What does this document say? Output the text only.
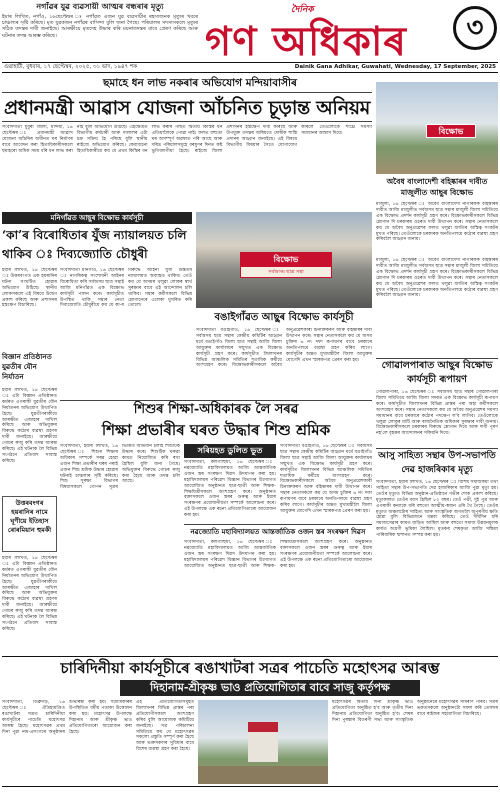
নগাঁৱৰ যুৱ ব্যৱসায়ী আত্মৰ বন্ধৰাৰ মৃত্যু

ইয়াৰ লিখিত, নগাঁও, ১৬ছেপ্টেম্বৰ ঃ নগাঁৱত এজন যুৱ ব্যৱসায়ীৰ ৰহস্যজনক মৃত্যুৰ খবৰে চাঞ্চল্যৰ সৃষ্টি কৰিছে। মৃত যুৱকজন নগাঁৱৰ বাসিন্দা বুলি জনা গৈছে। পৰিয়ালৰ সদস্যসকলে মৃত্যুৰ সঠিক তদন্তৰ দাবী জনাইছে। আৰক্ষীয়ে মৃতদেহ উদ্ধাৰ কৰি ময়নাতদন্তৰ বাবে প্ৰেৰণ কৰিছে আৰু ঘটনাৰ তদন্ত আৰম্ভ কৰিছে।

দৈনিক
গণ অধিকাৰ	৩
গুৱাহাটী, বুধবাৰ, ১৭ ছেপ্টেম্বৰ, ২০২৫, ৩১ ভাদ, ১৯৪৭ শক	Dainik Gana Adhikar, Guwahati, Wednesday, 17 September, 2025
ছমাহে ধন লাভ নকৰাৰ অভিযোগ মন্দিয়াবাসীৰ
প্ৰধানমন্ত্ৰী আৱাস যোজনা আঁচনিত চূড়ান্ত অনিয়ম
সংবাদদাতা ধুবুৰী জিলা, মন্দিয়া, ১৬ ছেপ্টেম্বৰ ঃ প্ৰধানমন্ত্ৰী আৱাস যোজনা আঁচনিৰ অধীনত ঘৰ নিৰ্মাণৰ বাবে আবেদন কৰা হিতাধিকাৰীসকলে ছমাহৰো অধিক সময় ধৰি ধন লাভ কৰা নাই বুলি অভিযোগ উঠিছে। এইক্ষেত্ৰত বিভাগীয় কৰ্মচাৰী আৰু দালালৰ এটা চক্ৰ সক্ৰিয় হৈ পৰিছে বুলি স্থানীয় ৰাইজে অভিযোগ কৰিছে। কেবাজনো হিতাধিকাৰীয়ে কয় যে প্ৰথম কিস্তিৰ ধন লাভ কৰাৰ পাছত দ্বিতীয় কিস্তিৰ ধন এতিয়ালৈকে পোৱা নাই। ফলত বহুতো ঘৰ অসম্পূৰ্ণ অৱস্থাত পৰি আছে আৰু দৰিদ্ৰ পৰিয়ালসমূহে বৰষুণৰ দিনত কষ্ট ভুগিবলগীয়া হৈছে। ৰাইজে জিলা প্ৰশাসনৰ হস্তক্ষেপ দাবী কৰিছে আৰু উপযুক্ত তদন্তৰ জৰিয়তে দোষীক শাস্তি প্ৰদানৰ আহ্বান জনাইছে। এই বিষয়ে বিভাগীয় বিষয়াৰ সৈতে যোগাযোগ কৰিলে তেওঁলোকে শীঘ্ৰে সমস্যা সমাধানৰ আশ্বাস দিয়ে।	বিক্ষোভ
অবৈধ বাংলাদেশী বহিষ্কাৰৰ দাবীত মাজুলীত আছুৰ বিক্ষোভ
মাজুলী, ১৬ ছেপ্টেম্বৰ ঃ অবৈধ বাংলাদেশী নাগৰিকক বহিষ্কাৰৰ দাবীত আজি মাজুলীত সৰ্বঅসম ছাত্ৰ সন্থাৰ মাজুলী জিলা সমিতিয়ে এক বিক্ষোভ প্ৰদৰ্শন কাৰ্যসূচী গ্ৰহণ কৰে। বিক্ষোভকাৰীসকলে বিভিন্ন শ্লোগান দি চৰকাৰৰ ওচৰত দাবী উত্থাপন কৰে। সন্থাৰ নেতাসকলে কয় যে অবৈধ অনুপ্ৰৱেশৰ ফলত থলুৱা জাতিৰ অস্তিত্ব সংকটৰ মুখত পৰিছে। তেওঁলোকে চৰকাৰক অনতিপলমে কঠোৰ ব্যৱস্থা গ্ৰহণ কৰিবলৈ আহ্বান জনায়।
মনিগাঁৱত আছুৰ বিক্ষোভ কাৰ্যসূচী
‘কা’ৰ বিৰোধিতাৰ যুঁজ ন্যায়ালয়ত চলি থাকিব ঃ দিব্যজ্যোতি চৌধুৰী
সংবাদদাতা মনিগাঁও, ১৬ ছেপ্টেম্বৰ ঃ নাগৰিকত্ব সংশোধনী আইনৰ বিৰোধিতা কৰি সৰ্বঅসম ছাত্ৰ সন্থাই আজি মনিগাঁৱত এক বিক্ষোভ কাৰ্যসূচী পালন কৰে। কাৰ্যসূচীত উপস্থিত থাকি সন্থাৰ নেতা দিব্যজ্যোতি চৌধুৰীয়ে কয় যে কা-ৰ বিৰুদ্ধে আইনী যুঁজ উচ্চতম ন্যায়ালয়ত অব্যাহত থাকিব। তেওঁ কয় যে অসমৰ থলুৱা লোকৰ স্বাৰ্থ সুৰক্ষাৰ বাবে এই আন্দোলন চলি থাকিব। সন্থাৰ কৰ্মীসকলে বিভিন্ন শ্লোগানেৰে এলেকা মুখৰিত কৰি তোলে।
ইয়াৰ লিখিত, ১৬ ছেপ্টেম্বৰ ঃ উত্তৰবংগত এক হয়ৰানিৰ ঘটনা সংঘটিত হোৱাৰ অভিযোগ উঠিছে। স্থানীয় লোকসকলে এই বিষয়ে উদ্বেগ প্ৰকাশ কৰিছে আৰু প্ৰশাসনৰ হস্তক্ষেপ বিচাৰিছে।
বিজ্ঞান প্ৰতিষ্ঠানত যুৱতীৰ যৌন নিৰ্যাতন
ইয়াৰ লিখিত, ১৬ ছেপ্টেম্বৰ ঃ এটা বিজ্ঞান প্ৰতিষ্ঠানত কৰ্মৰত এগৰাকী যুৱতীৰ যৌন নিৰ্যাতনৰ অভিযোগ উত্থাপিত হৈছে। যুৱতীগৰাকীয়ে আৰক্ষীত এজাহাৰ দাখিল কৰিছে আৰু অভিযুক্তৰ বিৰুদ্ধে কঠোৰ ব্যৱস্থা গ্ৰহণৰ দাবী জনাইছে। আৰক্ষীয়ে গোচৰ ৰুজু কৰি তদন্ত আৰম্ভ কৰিছে। এই ঘটনাক লৈ বিভিন্ন সংগঠনে প্ৰতিবাদ সাব্যস্ত কৰিছে।
উত্তৰবংগৰ হয়ৰানিৰ নামে ঘূণীয়ে ইতিহাস ৰোৰমিয়ান হুমকী
ইয়াৰ লিখিত, ১৬ ছেপ্টেম্বৰ ঃ এটা বিজ্ঞান প্ৰতিষ্ঠানত কৰ্মৰত এগৰাকী যুৱতীৰ যৌন নিৰ্যাতনৰ অভিযোগ উত্থাপিত হৈছে। যুৱতীগৰাকীয়ে আৰক্ষীত এজাহাৰ দাখিল কৰিছে আৰু অভিযুক্তৰ বিৰুদ্ধে কঠোৰ ব্যৱস্থা গ্ৰহণৰ দাবী জনাইছে। আৰক্ষীয়ে গোচৰ ৰুজু কৰি তদন্ত আৰম্ভ কৰিছে। এই ঘটনাক লৈ বিভিন্ন সংগঠনে প্ৰতিবাদ সাব্যস্ত কৰিছে।
বিক্ষোভ
সৰ্বঅসম ছাত্ৰ সন্থা
বঙাইগাঁৱত আছুৰ বিক্ষোভ কাৰ্যসূচী
সংবাদদাতা বঙাইগাঁও, ১৬ ছেপ্টেম্বৰ ঃ সৰ্বঅসম ছাত্ৰ সন্থাৰ কেন্দ্ৰীয় কমিটিৰ আহ্বান মৰ্মে বঙাইগাঁও জিলা ছাত্ৰ সন্থাই আজি জিলা আয়ুক্তৰ কাৰ্যালয়ৰ সন্মুখত এক বিক্ষোভ কাৰ্যসূচী গ্ৰহণ কৰে। কাৰ্যসূচীত জিলাখনৰ বিভিন্ন আঞ্চলিক সমিতিৰ শতাধিক কৰ্মীয়ে অংশগ্ৰহণ কৰে। বিক্ষোভকাৰীসকলে অবৈধ অনুপ্ৰৱেশকাৰী চিনাক্তকৰণ আৰু বহিষ্কাৰৰ দাবী উত্থাপন কৰে। সন্থাৰ নেতাসকলে কয় যে অসম চুক্তিৰ ৬ নং দফা ৰূপায়ণৰ বাবে চৰকাৰে অনতিপলমে ব্যৱস্থা গ্ৰহণ কৰিব লাগে। কাৰ্যসূচীৰ অন্তত মুখ্যমন্ত্ৰীলৈ জিলা আয়ুক্তৰ যোগেদি এখন স্মাৰকপত্ৰ প্ৰেৰণ কৰা হয়।
মাজুলী, ১৬ ছেপ্টেম্বৰ ঃ অবৈধ বাংলাদেশী নাগৰিকক বহিষ্কাৰৰ দাবীত আজি মাজুলীত সৰ্বঅসম ছাত্ৰ সন্থাৰ মাজুলী জিলা সমিতিয়ে এক বিক্ষোভ প্ৰদৰ্শন কাৰ্যসূচী গ্ৰহণ কৰে। বিক্ষোভকাৰীসকলে বিভিন্ন শ্লোগান দি চৰকাৰৰ ওচৰত দাবী উত্থাপন কৰে। সন্থাৰ নেতাসকলে কয় যে অবৈধ অনুপ্ৰৱেশৰ ফলত থলুৱা জাতিৰ অস্তিত্ব সংকটৰ মুখত পৰিছে। তেওঁলোকে চৰকাৰক অনতিপলমে কঠোৰ ব্যৱস্থা গ্ৰহণ কৰিবলৈ আহ্বান জনায়।
গোৱালপাৰাত আছুৰ বিক্ষোভ কাৰ্যসূচী ৰূপায়ণ
গোৱালপাৰা, ১৬ ছেপ্টেম্বৰ ঃ সৰ্বঅসম ছাত্ৰ সন্থাৰ গোৱালপাৰা জিলা সমিতিয়ে আজি জিলা সদৰত এক বিক্ষোভ কাৰ্যসূচী ৰূপায়ণ কৰে। কাৰ্যসূচীত জিলাখনৰ বিভিন্ন প্ৰান্তৰ পৰা অহা কৰ্মীসকলে অংশগ্ৰহণ কৰে। সন্থাৰ নেতাসকলে কয় যে অবৈধ অনুপ্ৰৱেশৰ সমস্যা সমাধানৰ বাবে চৰকাৰে কঠোৰ পদক্ষেপ ল'ব লাগিব। তেওঁলোকে থলুৱা লোকৰ মাটি আৰু ৰাজনৈতিক অধিকাৰ সুৰক্ষাৰ দাবী জনায়। বিক্ষোভকাৰীসকলে চৰকাৰৰ বিৰুদ্ধে শ্লোগান দিয়ে আৰু দাবী পূৰণ নহ'লে বৃহত্তৰ আন্দোলনৰ সকিয়নি দিয়ে।
আসু সাহিত্য সন্থাৰ উপ-সভাপতি দেৱ হাজৰিকাৰ মৃত্যু
সংবাদদাতা, ইয়াৰ লিখিত, ১৬ ছেপ্টেম্বৰ ঃ বিশিষ্ট সমাজকৰ্মী তথা সাহিত্য সন্থাৰ উপ-সভাপতি দেৱ হাজৰিকাৰ আজি পুৱা মৃত্যু হয়। তেওঁৰ মৃত্যুত বিভিন্ন অনুষ্ঠান-প্ৰতিষ্ঠানে গভীৰ শোক প্ৰকাশ কৰিছে। মৃত্যুকালত তেওঁৰ বয়স হৈছিল ৮২ বছৰ। তেওঁ পত্নী, দুই পুত্ৰ আৰু এগৰাকী কন্যাকে ধৰি বহুতো আত্মীয়-স্বজন এৰি থৈ গৈছে। তেওঁৰ মৃত্যুত অঞ্চলটোৰ সাহিত্য আৰু সাংস্কৃতিক জগতলৈ অপূৰণীয় ক্ষতি হোৱা বুলি বিভিন্নজনে মন্তব্য কৰিছে। তেওঁ দীৰ্ঘদিন ধৰি সমাজসেৱাৰ কামত জড়িত আছিল আৰু বহুতো সমাজ উন্নয়নমূলক কাৰ্যত অগ্ৰণী ভূমিকা লৈছিল। মৃতকৰ শেষকৃত্য আজি সন্ধিয়া পাৰিবাৰিক শ্মশানত সম্পন্ন কৰা হয়।
শিশুৰ শিক্ষা-অধিকাৰক লৈ সৰৱ
শিক্ষা প্ৰভাৰীৰ ঘৰত উদ্ধাৰ শিশু শ্ৰমিক
সংবাদদাতা, ইয়াৰ লিখিত, ১৬ ছেপ্টেম্বৰ ঃ শিশুৰ শিক্ষাৰ অধিকাৰ সম্পৰ্কে সৰৱ হোৱা এজন শিক্ষা প্ৰভাৰীৰ ঘৰৰ পৰাই এজন শিশু শ্ৰমিক উদ্ধাৰ হোৱাৰ ঘটনাই চাঞ্চল্যৰ সৃষ্টি কৰিছে। শিশু সুৰক্ষা বিভাগৰ বিষয়াসকলে গোপন সূত্ৰৰ ভিত্তিত অভিযান চলাই শিশুটিক উদ্ধাৰ কৰে। শিশুটিক ঘৰুৱা কামত নিয়োজিত কৰি ৰখা হৈছিল বুলি জনা গৈছে। অভিযুক্তৰ বিৰুদ্ধে গোচৰ ৰুজু কৰা হৈছে আৰু তদন্ত চলি আছে।
সৰিয়হত ডুলিত ভুত
সংবাদদাতা, কলগাছিয়া, ১৬ ছেপ্টেম্বৰ ঃ নৱজ্যোতি মহাবিদ্যালয়ত আজি আন্তৰ্জাতিক ওজন স্তৰ সংৰক্ষণ দিৱস উদযাপন কৰা হয়। মহাবিদ্যালয়ৰ পৰিৱেশ বিজ্ঞান বিভাগৰ উদ্যোগত আয়োজিত অনুষ্ঠানত ছাত্ৰ-ছাত্ৰী আৰু শিক্ষক-শিক্ষয়িত্ৰীসকলে অংশগ্ৰহণ কৰে। অনুষ্ঠানত বক্তাসকলে ওজন স্তৰৰ গুৰুত্ব আৰু ইয়াৰ সংৰক্ষণৰ প্ৰয়োজনীয়তা সম্পৰ্কে আলোচনা কৰে। এই উপলক্ষে এক ৰচনা প্ৰতিযোগিতাৰো আয়োজন কৰা হয়।
সংবাদদাতা বঙাইগাঁও, ১৬ ছেপ্টেম্বৰ ঃ সৰ্বঅসম ছাত্ৰ সন্থাৰ কেন্দ্ৰীয় কমিটিৰ আহ্বান মৰ্মে বঙাইগাঁও জিলা ছাত্ৰ সন্থাই আজি জিলা আয়ুক্তৰ কাৰ্যালয়ৰ সন্মুখত এক বিক্ষোভ কাৰ্যসূচী গ্ৰহণ কৰে। কাৰ্যসূচীত জিলাখনৰ বিভিন্ন আঞ্চলিক সমিতিৰ শতাধিক কৰ্মীয়ে অংশগ্ৰহণ কৰে। বিক্ষোভকাৰীসকলে অবৈধ অনুপ্ৰৱেশকাৰী চিনাক্তকৰণ আৰু বহিষ্কাৰৰ দাবী উত্থাপন কৰে। সন্থাৰ নেতাসকলে কয় যে অসম চুক্তিৰ ৬ নং দফা ৰূপায়ণৰ বাবে চৰকাৰে অনতিপলমে ব্যৱস্থা গ্ৰহণ কৰিব লাগে। কাৰ্যসূচীৰ অন্তত মুখ্যমন্ত্ৰীলৈ জিলা আয়ুক্তৰ যোগেদি এখন স্মাৰকপত্ৰ প্ৰেৰণ কৰা হয়।
নৱজ্যোতি মহাবিদ্যালয়ত আন্তৰ্জাতিক ওজন স্তৰ সংৰক্ষণ দিৱস
সংবাদদাতা, কলগাছিয়া, ১৬ ছেপ্টেম্বৰ ঃ নৱজ্যোতি মহাবিদ্যালয়ত আজি আন্তৰ্জাতিক ওজন স্তৰ সংৰক্ষণ দিৱস উদযাপন কৰা হয়। মহাবিদ্যালয়ৰ পৰিৱেশ বিজ্ঞান বিভাগৰ উদ্যোগত আয়োজিত অনুষ্ঠানত ছাত্ৰ-ছাত্ৰী আৰু শিক্ষক-শিক্ষয়িত্ৰীসকলে অংশগ্ৰহণ কৰে। অনুষ্ঠানত বক্তাসকলে ওজন স্তৰৰ গুৰুত্ব আৰু ইয়াৰ সংৰক্ষণৰ প্ৰয়োজনীয়তা সম্পৰ্কে আলোচনা কৰে। এই উপলক্ষে এক ৰচনা প্ৰতিযোগিতাৰো আয়োজন কৰা হয়।
চাৰিদিনীয়া কাৰ্যসূচীৰে ৰঙাখাটৰা সত্ৰৰ পাচেতি মহোৎসৱ আৰম্ভ
দিহানাম-শ্ৰীকৃষ্ণ ভাও প্ৰতিযোগিতাৰ বাবে সাজু কৰ্তৃপক্ষ
সংবাদদাতা, ডিব্ৰুগড়, ১৬ ছেপ্টেম্বৰ ঃ ঐতিহ্যমণ্ডিত ৰঙাখাটৰা সত্ৰত চাৰিদিনীয়া কাৰ্যসূচীৰে পাচেতি মহোৎসৱ আৰম্ভ হৈছে। মহোৎসৱৰ প্ৰথম দিনা পুৱা নাম-প্ৰসংগৰে অনুষ্ঠানৰ শুভাৰম্ভ কৰা হয়। সত্ৰাধিকাৰৰ উপস্থিতিত ধৰ্মীয় পতাকা উত্তোলন কৰা হয়। মহোৎসৱ উপলক্ষে দিহানাম আৰু শ্ৰীকৃষ্ণ ভাও প্ৰতিযোগিতাৰো আয়োজন কৰা হৈছে।
এই প্ৰতিযোগিতাসমূহত জিলাখনৰ বিভিন্ন প্ৰান্তৰ পৰা প্ৰতিযোগীসকলে অংশগ্ৰহণ কৰিব বুলি আয়োজক কমিটিয়ে জনাইছে। সত্ৰ পৰিচালনা সমিতিয়ে কয় যে মহোৎসৱৰ সকলো প্ৰস্তুতি সম্পূৰ্ণ কৰা হৈছে আৰু ভক্তসকলৰ সুবিধাৰ বাবে বিশেষ ব্যৱস্থা গ্ৰহণ কৰা হৈছে।
মহোৎসৱৰ দ্বিতীয় দিনা শ্ৰীকৃষ্ণ ভাও প্ৰতিযোগিতা অনুষ্ঠিত হ'ব আৰু তৃতীয় দিনা দিহানাম প্ৰতিযোগিতা অনুষ্ঠিত হ'ব। শেষৰ দিনা পুৰস্কাৰ বিতৰণী সভা আৰু সাংস্কৃতিক অনুষ্ঠানেৰে মহোৎসৱৰ সামৰণি পৰিব। সত্ৰৰ ভকতসকলে অনুষ্ঠানটো সফল কৰি তোলাৰ বাবে ৰাইজৰ সহযোগিতা বিচাৰিছে।
